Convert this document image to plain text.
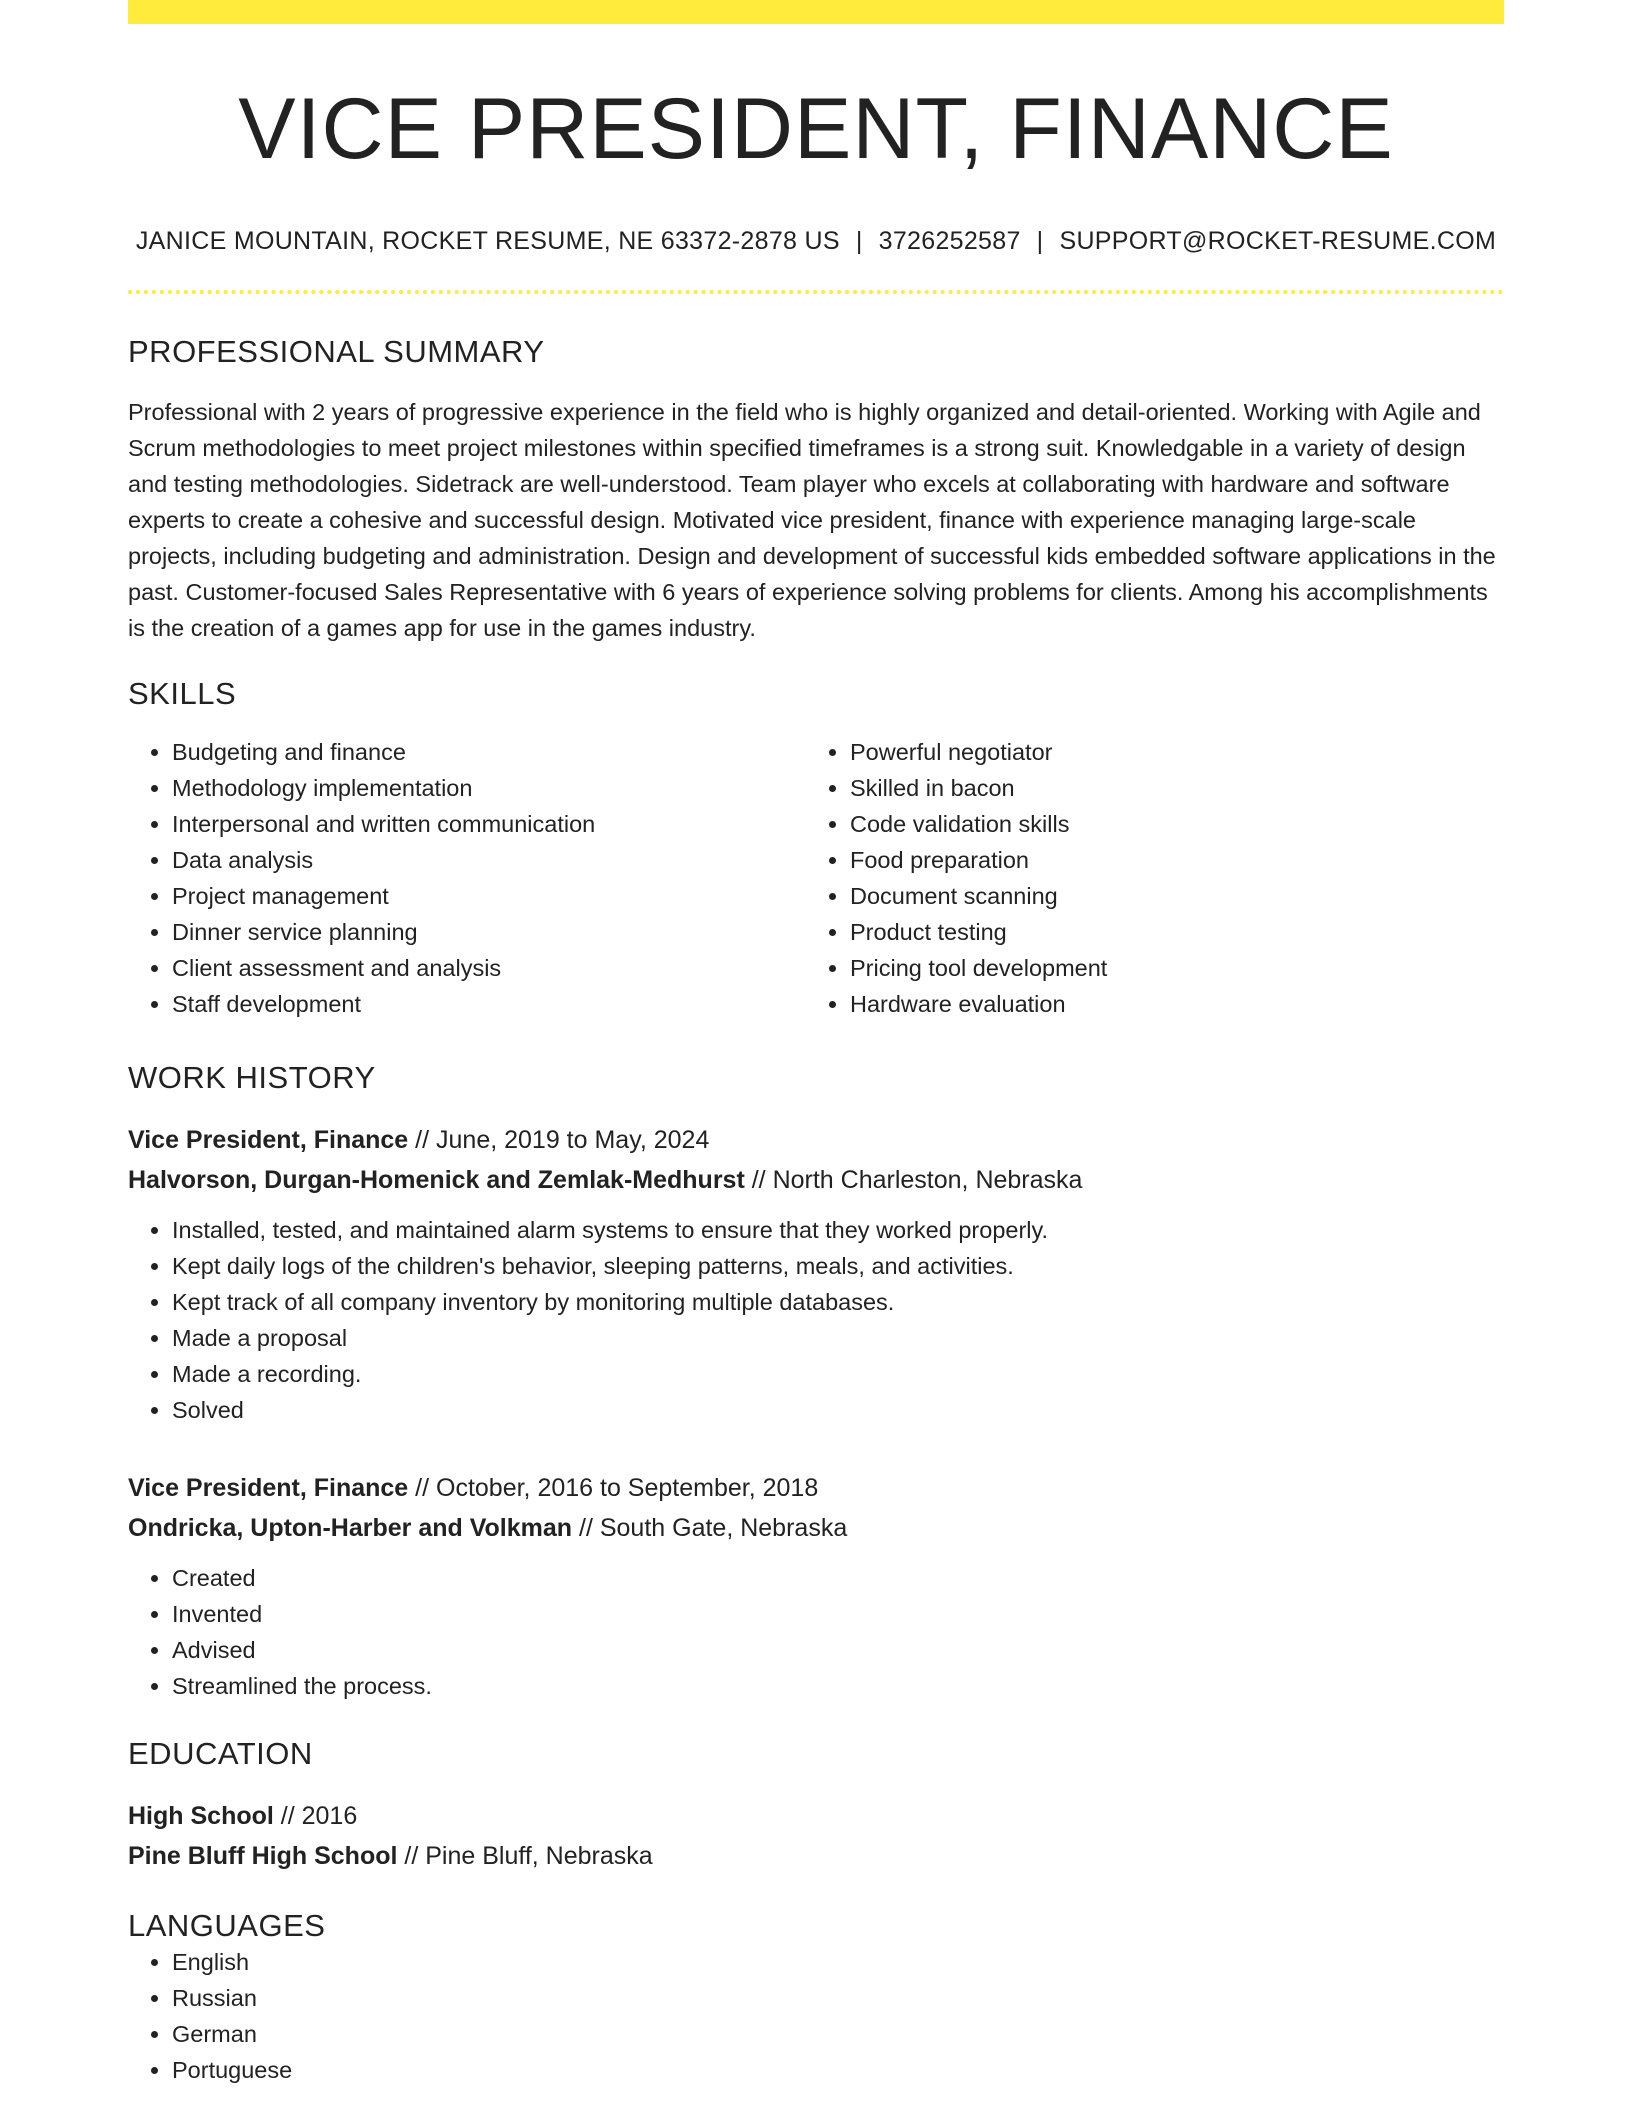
VICE PRESIDENT, FINANCE
JANICE MOUNTAIN, ROCKET RESUME, NE 63372-2878 US | 3726252587 | SUPPORT@ROCKET-RESUME.COM
PROFESSIONAL SUMMARY

Professional with 2 years of progressive experience in the field who is highly organized and detail-oriented. Working with Agile and Scrum methodologies to meet project milestones within specified timeframes is a strong suit. Knowledgable in a variety of design and testing methodologies. Sidetrack are well-understood. Team player who excels at collaborating with hardware and software experts to create a cohesive and successful design. Motivated vice president, finance with experience managing large-scale projects, including budgeting and administration. Design and development of successful kids embedded software applications in the past. Customer-focused Sales Representative with 6 years of experience solving problems for clients. Among his accomplishments is the creation of a games app for use in the games industry.

SKILLS
• Budgeting and finance
• Methodology implementation
• Interpersonal and written communication
• Data analysis
• Project management
• Dinner service planning
• Client assessment and analysis
• Staff development
• Powerful negotiator
• Skilled in bacon
• Code validation skills
• Food preparation
• Document scanning
• Product testing
• Pricing tool development
• Hardware evaluation
WORK HISTORY
Vice President, Finance // June, 2019 to May, 2024
Halvorson, Durgan-Homenick and Zemlak-Medhurst // North Charleston, Nebraska
• Installed, tested, and maintained alarm systems to ensure that they worked properly.
• Kept daily logs of the children's behavior, sleeping patterns, meals, and activities.
• Kept track of all company inventory by monitoring multiple databases.
• Made a proposal
• Made a recording.
• Solved
Vice President, Finance // October, 2016 to September, 2018
Ondricka, Upton-Harber and Volkman // South Gate, Nebraska
• Created
• Invented
• Advised
• Streamlined the process.
EDUCATION
High School // 2016
Pine Bluff High School // Pine Bluff, Nebraska
LANGUAGES
• English
• Russian
• German
• Portuguese
